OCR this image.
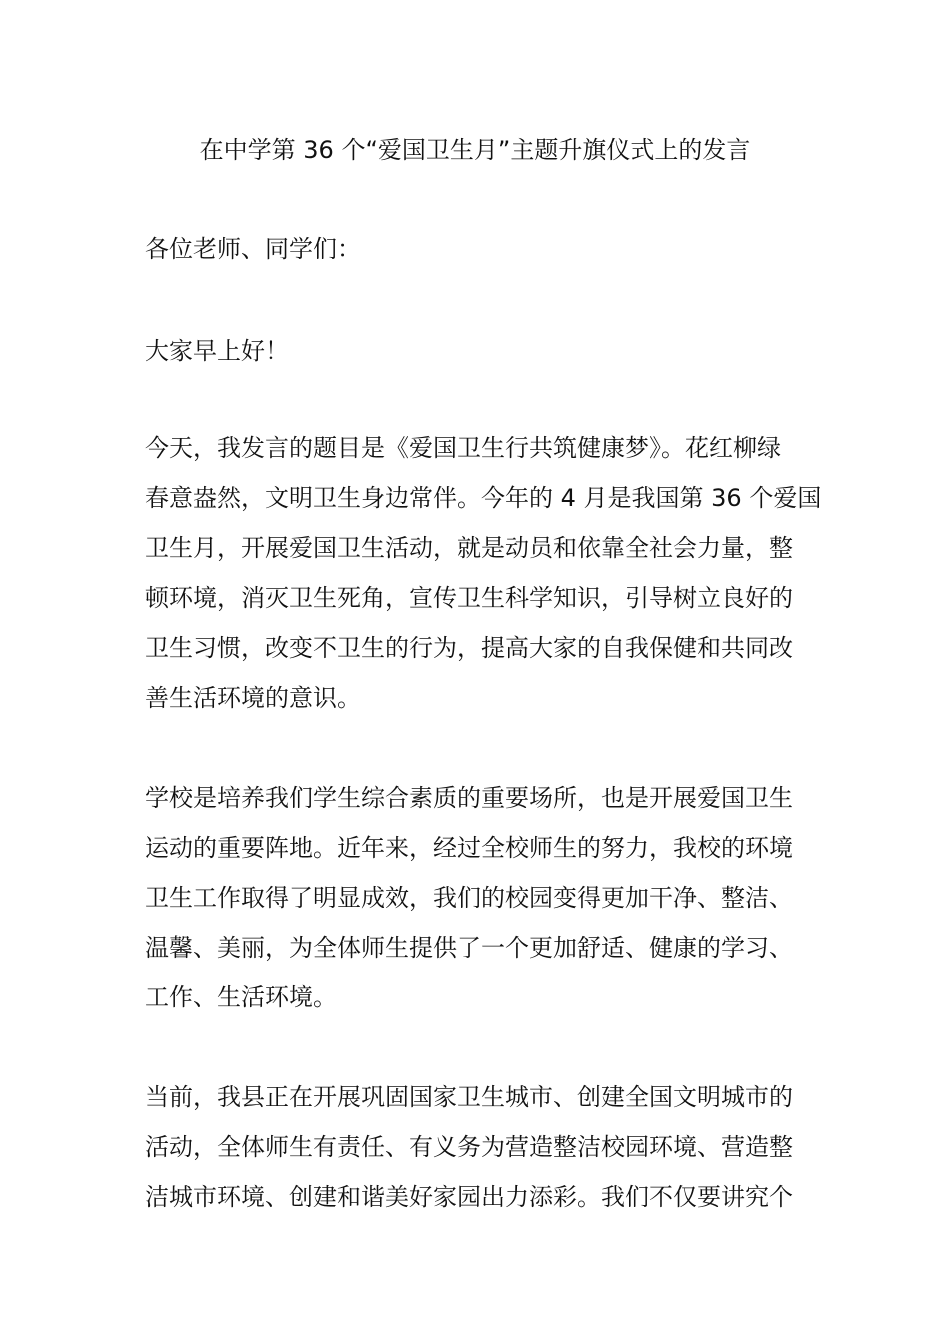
在中学第 36 个“爱国卫生月”主题升旗仪式上的发言
各位老师、同学们：
大家早上好！
今天，我发言的题目是《爱国卫生行共筑健康梦》。花红柳绿
春意盎然，文明卫生身边常伴。今年的 4 月是我国第 36 个爱国
卫生月，开展爱国卫生活动，就是动员和依靠全社会力量，整
顿环境，消灭卫生死角，宣传卫生科学知识，引导树立良好的
卫生习惯，改变不卫生的行为，提高大家的自我保健和共同改
善生活环境的意识。
学校是培养我们学生综合素质的重要场所，也是开展爱国卫生
运动的重要阵地。近年来，经过全校师生的努力，我校的环境
卫生工作取得了明显成效，我们的校园变得更加干净、整洁、
温馨、美丽，为全体师生提供了一个更加舒适、健康的学习、
工作、生活环境。
当前，我县正在开展巩固国家卫生城市、创建全国文明城市的
活动，全体师生有责任、有义务为营造整洁校园环境、营造整
洁城市环境、创建和谐美好家园出力添彩。我们不仅要讲究个
